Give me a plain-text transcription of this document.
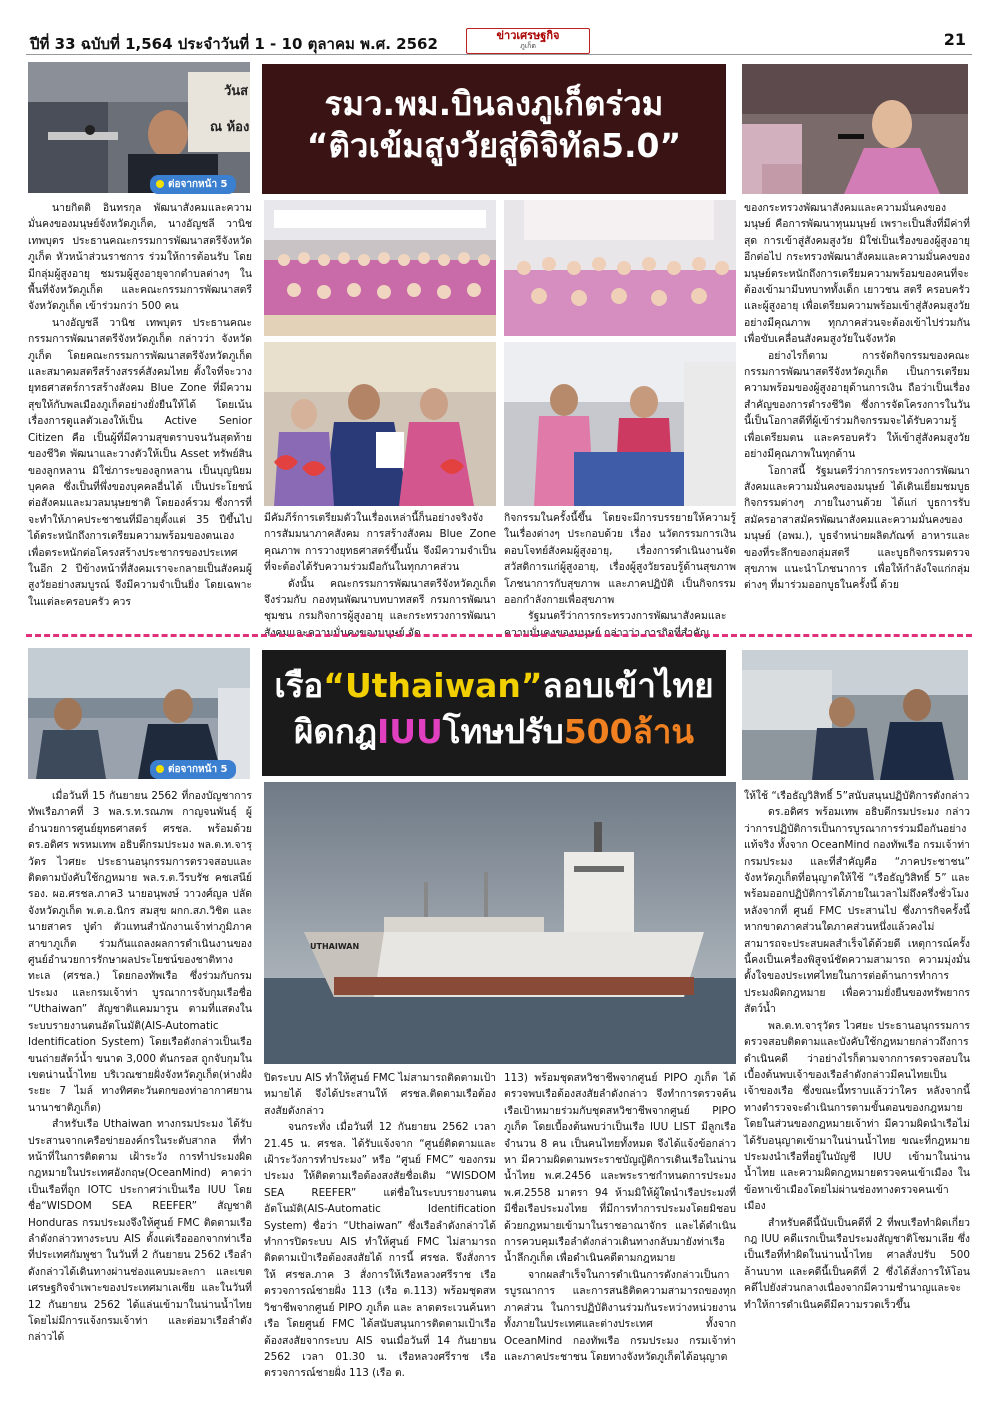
ปีที่ 33 ฉบับที่ 1,564 ประจำวันที่ 1 - 10 ตุลาคม พ.ศ. 2562	ข่าวเศรษฐกิจ
ภูเก็ต	21
วันส
ณ ห้อง
ต่อจากหน้า 5
รมว.พม.บินลงภูเก็ตร่วม
“ติวเข้มสูงวัยสู่ดิจิทัล5.0”

นายกิตติ อินทรกุล พัฒนาสังคมและความมั่นคงของมนุษย์จังหวัดภูเก็ต, นางอัญชลี วานิช เทพบุตร ประธานคณะกรรมการพัฒนาสตรีจังหวัดภูเก็ต หัวหน้าส่วนราชการ ร่วมให้การต้อนรับ โดยมีกลุ่มผู้สูงอายุ ชมรมผู้สูงอายุจากตำบลต่างๆ ในพื้นที่จังหวัดภูเก็ต และคณะกรรมการพัฒนาสตรีจังหวัดภูเก็ต เข้าร่วมกว่า 500 คน

นางอัญชลี วานิช เทพบุตร ประธานคณะกรรมการพัฒนาสตรีจังหวัดภูเก็ต กล่าวว่า จังหวัดภูเก็ต โดยคณะกรรมการพัฒนาสตรีจังหวัดภูเก็ตและสมาคมสตรีสร้างสรรค์สังคมไทย ตั้งใจที่จะวางยุทธศาสตร์การสร้างสังคม Blue Zone ที่มีความสุขให้กับพลเมืองภูเก็ตอย่างยั่งยืนให้ได้ โดยเน้นเรื่องการดูแลตัวเองให้เป็น Active Senior Citizen คือ เป็นผู้ที่มีความสุขตราบจนวันสุดท้ายของชีวิต พัฒนาและวางตัวให้เป็น Asset ทรัพย์สินของลูกหลาน มิใช่ภาระของลูกหลาน เป็นบุญนิยมบุคคล ซึ่งเป็นที่พึ่งของบุคคลอื่นได้ เป็นประโยชน์ต่อสังคมและมวลมนุษยชาติ โดยองค์รวม ซึ่งการที่จะทำให้ภาคประชาชนที่มีอายุตั้งแต่ 35 ปีขึ้นไป ได้ตระหนักถึงการเตรียมความพร้อมของตนเอง เพื่อตระหนักต่อโครงสร้างประชากรของประเทศ ในอีก 2 ปีข้างหน้าที่สังคมเราจะกลายเป็นสังคมผู้สูงวัยอย่างสมบูรณ์ จึงมีความจำเป็นยิ่ง โดยเฉพาะในแต่ละครอบครัว ควร

มีคัมภีร์การเตรียมตัวในเรื่องเหล่านี้ก็นอย่างจริงจัง การสัมมนาภาคสังคม การสร้างสังคม Blue Zone คุณภาพ การวางยุทธศาสตร์ขึ้นนั้น จึงมีความจำเป็นที่จะต้องได้รับความร่วมมือกันในทุกภาคส่วน

ดังนั้น คณะกรรมการพัฒนาสตรีจังหวัดภูเก็ต จึงร่วมกับ กองทุนพัฒนาบทบาทสตรี กรมการพัฒนาชุมชน กรมกิจการผู้สูงอายุ และกระทรวงการพัฒนาสังคมและความมั่นคงของมนุษย์ จัด

กิจกรรมในครั้งนี้ขึ้น โดยจะมีการบรรยายให้ความรู้ในเรื่องต่างๆ ประกอบด้วย เรื่อง นวัตกรรมการเงินตอบโจทย์สังคมผู้สูงอายุ, เรื่องการดำเนินงานจัดสวัสดิการแก่ผู้สูงอายุ, เรื่องผู้สูงวัยรอบรู้ด้านสุขภาพ โภชนาการกับสุขภาพ และภาคปฏิบัติ เป็นกิจกรรมออกกำลังกายเพื่อสุขภาพ

รัฐมนตรีว่าการกระทรวงการพัฒนาสังคมและความมั่นคงของมนุษย์ กล่าวว่า ภารกิจที่สำคัญ

ของกระทรวงพัฒนาสังคมและความมั่นคงของมนุษย์ คือการพัฒนาทุนมนุษย์ เพราะเป็นสิ่งที่มีค่าที่สุด การเข้าสู่สังคมสูงวัย มิใช่เป็นเรื่องของผู้สูงอายุอีกต่อไป กระทรวงพัฒนาสังคมและความมั่นคงของมนุษย์ตระหนักถึงการเตรียมความพร้อมของคนที่จะต้องเข้ามามีบทบาททั้งเด็ก เยาวชน สตรี ครอบครัว และผู้สูงอายุ เพื่อเตรียมความพร้อมเข้าสู่สังคมสูงวัยอย่างมีคุณภาพ ทุกภาคส่วนจะต้องเข้าไปร่วมกัน เพื่อขับเคลื่อนสังคมสูงวัยในจังหวัด

อย่างไรก็ตาม การจัดกิจกรรมของคณะกรรมการพัฒนาสตรีจังหวัดภูเก็ต เป็นการเตรียมความพร้อมของผู้สูงอายุด้านการเงิน ถือว่าเป็นเรื่องสำคัญของการดำรงชีวิต ซึ่งการจัดโครงการในวันนี้เป็นโอกาสดีที่ผู้เข้าร่วมกิจกรรมจะได้รับความรู้เพื่อเตรียมตน และครอบครัว ให้เข้าสู่สังคมสูงวัยอย่างมีคุณภาพในทุกด้าน

โอกาสนี้ รัฐมนตรีว่าการกระทรวงการพัฒนาสังคมและความมั่นคงของมนุษย์ ได้เดินเยี่ยมชมบูธกิจกรรมต่างๆ ภายในงานด้วย ได้แก่ บูธการรับสมัครอาสาสมัครพัฒนาสังคมและความมั่นคงของมนุษย์ (อพม.), บูธจำหน่ายผลิตภัณฑ์ อาหารและของที่ระลึกของกลุ่มสตรี และบูธกิจกรรมตรวจสุขภาพ แนะนำโภชนาการ เพื่อให้กำลังใจแก่กลุ่มต่างๆ ที่มาร่วมออกบูธในครั้งนี้ ด้วย

ต่อจากหน้า 5
เรือ“Uthaiwan”ลอบเข้าไทย
ผิดกฎIUUโทษปรับ500ล้าน
UTHAIWAN

เมื่อวันที่ 15 กันยายน 2562 ที่กองบัญชาการทัพเรือภาคที่ 3 พล.ร.ท.รณภพ กาญจนพันธุ์ ผู้อำนวยการศูนย์ยุทธศาสตร์ ศรชล. พร้อมด้วย ดร.อดิศร พรหมเทพ อธิบดีกรมประมง พล.ต.ท.จารุวัตร ไวศยะ ประธานอนุกรรมการตรวจสอบและติดตามบังคับใช้กฎหมาย พล.ร.ต.วีรบรัช คชเสนีย์ รอง. ผอ.ศรชล.ภาค3 นายอนุพงษ์ วาวงศ์ญล ปลัดจังหวัดภูเก็ต พ.ต.อ.นิกร สมสุข ผกก.สภ.วิชิต และนายสาคร ปูต๋า ตัวแทนสำนักงานเจ้าท่าภูมิภาคสาขาภูเก็ต ร่วมกันแถลงผลการดำเนินงานของ ศูนย์อำนวยการรักษาผลประโยชน์ของชาติทางทะเล (ศรชล.) โดยกองทัพเรือ ซึ่งร่วมกับกรมประมง และกรมเจ้าท่า บูรณาการจับกุมเรือชื่อ “Uthaiwan” สัญชาติแคมมารูน ตามที่แสดงในระบบรายงานตนอัตโนมัติ(AIS-Automatic Identification System) โดยเรือดังกล่าวเป็นเรือขนถ่ายสัตว์น้ำ ขนาด 3,000 ตันกรอส ถูกจับกุมในเขตน่านน้ำไทย บริเวณชายฝั่งจังหวัดภูเก็ต(ห่างฝั่งระยะ 7 ไมล์ ทางทิศตะวันตกของท่าอากาศยานนานาชาติภูเก็ต)

สำหรับเรือ Uthaiwan ทางกรมประมง ได้รับประสานจากเครือข่ายองค์กรในระดับสากล ที่ทำหน้าที่ในการติดตาม เฝ้าระวัง การทำประมงผิดกฎหมายในประเทศอังกฤษ(OceanMind) คาดว่าเป็นเรือที่ถูก IOTC ประกาศว่าเป็นเรือ IUU โดยชื่อ“WISDOM SEA REEFER” สัญชาติ Honduras กรมประมงจึงให้ศูนย์ FMC ติดตามเรือลำดังกล่าวทางระบบ AIS ตั้งแต่เรือออกจากท่าเรือที่ประเทศกัมพูชา ในวันที่ 2 กันยายน 2562 เรือลำดังกล่าวได้เดินทางผ่านช่องแคบมะละกา และเขตเศรษฐกิจจำเพาะของประเทศมาเลเซีย และในวันที่ 12 กันยายน 2562 ได้แล่นเข้ามาในน่านน้ำไทย โดยไม่มีการแจ้งกรมเจ้าท่า และต่อมาเรือลำดังกล่าวได้

ปิดระบบ AIS ทำให้ศูนย์ FMC ไม่สามารถติดตามเป้าหมายได้ จึงได้ประสานให้ ศรชล.ติดตามเรือต้องสงสัยดังกล่าว

จนกระทั่ง เมื่อวันที่ 12 กันยายน 2562 เวลา 21.45 น. ศรชล. ได้รับแจ้งจาก “ศูนย์ติดตามและเฝ้าระวังการทำประมง” หรือ “ศูนย์ FMC” ของกรมประมง ให้ติดตามเรือต้องสงสัยชื่อเดิม “WISDOM SEA REEFER” แต่ชื่อในระบบรายงานตนอัตโนมัติ(AIS-Automatic Identification System) ชื่อว่า “Uthaiwan” ซึ่งเรือลำดังกล่าวได้ทำการปิดระบบ AIS ทำให้ศูนย์ FMC ไม่สามารถติดตามเป้าเรือต้องสงสัยได้ การนี้ ศรชล. จึงสั่งการให้ ศรชล.ภาค 3 สั่งการให้เรือหลวงศรีราช เรือตรวจการณ์ชายฝั่ง 113 (เรือ ต.113) พร้อมชุดสหวิชาชีพจากศูนย์ PIPO ภูเก็ต และ ลาดตระเวนค้นหาเรือ โดยศูนย์ FMC ได้สนับสนุนการติดตามเป้าเรือต้องสงสัยจากระบบ AIS จนเมื่อวันที่ 14 กันยายน 2562 เวลา 01.30 น. เรือหลวงศรีราช เรือตรวจการณ์ชายฝั่ง 113 (เรือ ต.

113) พร้อมชุดสหวิชาชีพจากศูนย์ PIPO ภูเก็ต ได้ตรวจพบเรือต้องสงสัยลำดังกล่าว จึงทำการตรวจค้นเรือเป้าหมายร่วมกับชุดสหวิชาชีพจากศูนย์ PIPO ภูเก็ต โดยเบื้องต้นพบว่าเป็นเรือ IUU LIST มีลูกเรือจำนวน 8 คน เป็นคนไทยทั้งหมด จึงได้แจ้งข้อกล่าวหา มีความผิดตามพระราชบัญญัติการเดินเรือในน่านน้ำไทย พ.ศ.2456 และพระราชกำหนดการประมง พ.ศ.2558 มาตรา 94 ห้ามมิให้ผู้ใดนำเรือประมงที่มีชื่อเรือประมงไทย ที่มีการทำการประมงโดยมิชอบด้วยกฎหมายเข้ามาในราชอาณาจักร และได้ดำเนินการควบคุมเรือลำดังกล่าวเดินทางกลับมายังท่าเรือน้ำลึกภูเก็ต เพื่อดำเนินคดีตามกฎหมาย

จากผลสำเร็จในการดำเนินการดังกล่าวเป็นการบูรณาการ และการสนธิติดความสามารถของทุกภาคส่วน ในการปฏิบัติงานร่วมกันระหว่างหน่วยงานทั้งภายในประเทศและต่างประเทศ ทั้งจาก OceanMind กองทัพเรือ กรมประมง กรมเจ้าท่า และภาคประชาชน โดยทางจังหวัดภูเก็ตได้อนุญาต

ให้ใช้ “เรือธัญวิสิทธิ์ 5”สนับสนุนปฏิบัติการดังกล่าว

ดร.อดิศร พร้อมเทพ อธิบดีกรมประมง กล่าวว่าการปฏิบัติการเป็นการบูรณาการร่วมมือกันอย่างแท้จริง ทั้งจาก OceanMind กองทัพเรือ กรมเจ้าท่า กรมประมง และที่สำคัญคือ “ภาคประชาชน” จังหวัดภูเก็ตที่อนุญาตให้ใช้ “เรือธัญวิสิทธิ์ 5” และพร้อมออกปฏิบัติการได้ภายในเวลาไม่ถึงครึ่งชั่วโมงหลังจากที่ ศูนย์ FMC ประสานไป ซึ่งภารกิจครั้งนี้หากขาดภาคส่วนใดภาคส่วนหนึ่งแล้วคงไม่สามารถจะประสบผลสำเร็จได้ด้วยดี เหตุการณ์ครั้งนี้คงเป็นเครื่องพิสูจน์ชัดความสามารถ ความมุ่งมั่น ตั้งใจของประเทศไทยในการต่อต้านการทำการประมงผิดกฎหมาย เพื่อความยั่งยืนของทรัพยากรสัตว์น้ำ

พล.ต.ท.จารุวัตร ไวศยะ ประธานอนุกรรมการตรวจสอบติดตามและบังคับใช้กฎหมายกล่าวถึงการดำเนินคดี ว่าอย่างไรก็ตามจากการตรวจสอบในเบื้องต้นพบเจ้าของเรือลำดังกล่าวมีคนไทยเป็นเจ้าของเรือ ซึ่งขณะนี้ทราบแล้วว่าใคร หลังจากนี้ทางตำรวจจะดำเนินการตามขั้นตอนของกฎหมายโดยในส่วนของกฎหมายเจ้าท่า มีความผิดนำเรือไม่ได้รับอนุญาตเข้ามาในน่านน้ำไทย ขณะที่กฎหมายประมงนำเรือที่อยู่ในบัญชี IUU เข้ามาในน่านน้ำไทย และความผิดกฎหมายตรวจคนเข้าเมือง ในข้อหาเข้าเมืองโดยไม่ผ่านช่องทางตรวจคนเข้าเมือง

สำหรับคดีนี้นับเป็นคดีที่ 2 ที่พบเรือทำผิดเกี่ยวกฎ IUU คดีแรกเป็นเรือประมงสัญชาติโซมาเลีย ซึ่งเป็นเรือที่ทำผิดในน่านน้ำไทย ศาลสั่งปรับ 500 ล้านบาท และคดีนี้เป็นคดีที่ 2 ซึ่งได้สั่งการให้โอนคดีไปยังส่วนกลางเนื่องจากมีความชำนาญและจะทำให้การดำเนินคดีมีความรวดเร็วขึ้น
